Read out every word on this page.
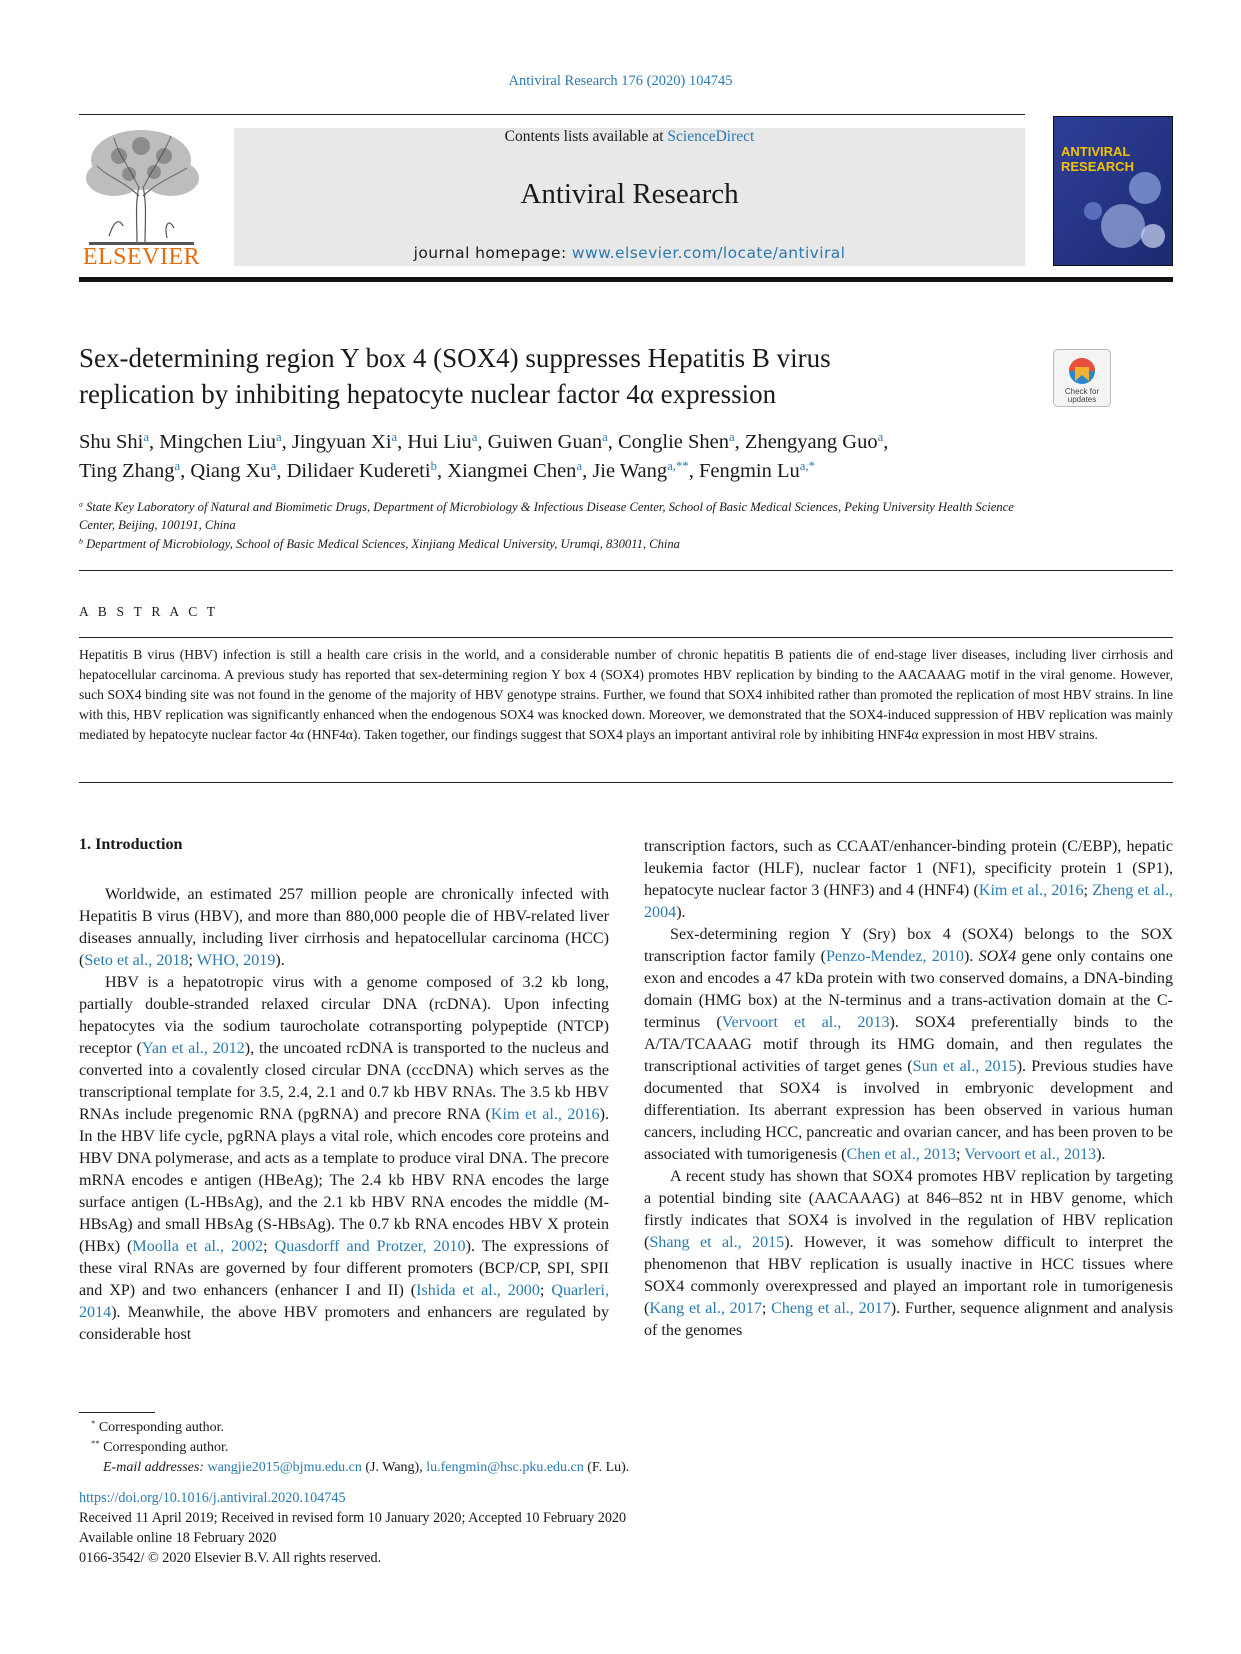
Antiviral Research 176 (2020) 104745
ELSEVIER
Contents lists available at ScienceDirect
Antiviral Research
journal homepage: www.elsevier.com/locate/antiviral
ANTIVIRAL
RESEARCH
Sex-determining region Y box 4 (SOX4) suppresses Hepatitis B virus
replication by inhibiting hepatocyte nuclear factor 4α expression	Check for
updates
Shu Shi$^a$, Mingchen Liu$^a$, Jingyuan Xi$^a$, Hui Liu$^a$, Guiwen Guan$^a$, Conglie Shen$^a$, Zhengyang Guo$^a$,
Ting Zhang$^a$, Qiang Xu$^a$, Dilidaer Kudereti$^b$, Xiangmei Chen$^a$, Jie Wang$^{a,**}$, Fengmin $Lu^{a,*}$
$^a$ State Key Laboratory of Natural and Biomimetic Drugs, Department of Microbiology & Infectious Disease Center, School of Basic Medical Sciences, Peking University Health Science Center, Beijing, 100191, China
$^b$ Department of Microbiology, School of Basic Medical Sciences, Xinjiang Medical University, Urumqi, 830011, China
A B S T R A C T
Hepatitis B virus (HBV) infection is still a health care crisis in the world, and a considerable number of chronic hepatitis B patients die of end-stage liver diseases, including liver cirrhosis and hepatocellular carcinoma. A previous study has reported that sex-determining region Y box 4 (SOX4) promotes HBV replication by binding to the AACAAAG motif in the viral genome. However, such SOX4 binding site was not found in the genome of the majority of HBV genotype strains. Further, we found that SOX4 inhibited rather than promoted the replication of most HBV strains. In line with this, HBV replication was significantly enhanced when the endogenous SOX4 was knocked down. Moreover, we demonstrated that the SOX4-induced suppression of HBV replication was mainly mediated by hepatocyte nuclear factor 4α (HNF4α). Taken together, our findings suggest that SOX4 plays an important antiviral role by inhibiting HNF4α expression in most HBV strains.
1. Introduction

Worldwide, an estimated 257 million people are chronically infected with Hepatitis B virus (HBV), and more than 880,000 people die of HBV-related liver diseases annually, including liver cirrhosis and hepatocellular carcinoma (HCC) (Seto et al., 2018; WHO, 2019).

HBV is a hepatotropic virus with a genome composed of 3.2 kb long, partially double-stranded relaxed circular DNA (rcDNA). Upon infecting hepatocytes via the sodium taurocholate cotransporting polypeptide (NTCP) receptor (Yan et al., 2012), the uncoated rcDNA is transported to the nucleus and converted into a covalently closed circular DNA (cccDNA) which serves as the transcriptional template for 3.5, 2.4, 2.1 and 0.7 kb HBV RNAs. The 3.5 kb HBV RNAs include pregenomic RNA (pgRNA) and precore RNA (Kim et al., 2016). In the HBV life cycle, pgRNA plays a vital role, which encodes core proteins and HBV DNA polymerase, and acts as a template to produce viral DNA. The precore mRNA encodes e antigen (HBeAg); The 2.4 kb HBV RNA encodes the large surface antigen (L-HBsAg), and the 2.1 kb HBV RNA encodes the middle (M-HBsAg) and small HBsAg (S-HBsAg). The 0.7 kb RNA encodes HBV X protein (HBx) (Moolla et al., 2002; Quasdorff and Protzer, 2010). The expressions of these viral RNAs are governed by four different promoters (BCP/CP, SPI, SPII and XP) and two enhancers (enhancer I and II) (Ishida et al., 2000; Quarleri, 2014). Meanwhile, the above HBV promoters and enhancers are regulated by considerable host

transcription factors, such as CCAAT/enhancer-binding protein (C/EBP), hepatic leukemia factor (HLF), nuclear factor 1 (NF1), specificity protein 1 (SP1), hepatocyte nuclear factor 3 (HNF3) and 4 (HNF4) (Kim et al., 2016; Zheng et al., 2004).

Sex-determining region Y (Sry) box 4 (SOX4) belongs to the SOX transcription factor family (Penzo-Mendez, 2010). SOX4 gene only contains one exon and encodes a 47 kDa protein with two conserved domains, a DNA-binding domain (HMG box) at the N-terminus and a trans-activation domain at the C-terminus (Vervoort et al., 2013). SOX4 preferentially binds to the A/TA/TCAAAG motif through its HMG domain, and then regulates the transcriptional activities of target genes (Sun et al., 2015). Previous studies have documented that SOX4 is involved in embryonic development and differentiation. Its aberrant expression has been observed in various human cancers, including HCC, pancreatic and ovarian cancer, and has been proven to be associated with tumorigenesis (Chen et al., 2013; Vervoort et al., 2013).

A recent study has shown that SOX4 promotes HBV replication by targeting a potential binding site (AACAAAG) at 846–852 nt in HBV genome, which firstly indicates that SOX4 is involved in the regulation of HBV replication (Shang et al., 2015). However, it was somehow difficult to interpret the phenomenon that HBV replication is usually inactive in HCC tissues where SOX4 commonly overexpressed and played an important role in tumorigenesis (Kang et al., 2017; Cheng et al., 2017). Further, sequence alignment and analysis of the genomes

* Corresponding author.
** Corresponding author.
E-mail addresses: wangjie2015@bjmu.edu.cn (J. Wang), lu.fengmin@hsc.pku.edu.cn (F. Lu).
https://doi.org/10.1016/j.antiviral.2020.104745
Received 11 April 2019; Received in revised form 10 January 2020; Accepted 10 February 2020
Available online 18 February 2020
0166-3542/ © 2020 Elsevier B.V. All rights reserved.
